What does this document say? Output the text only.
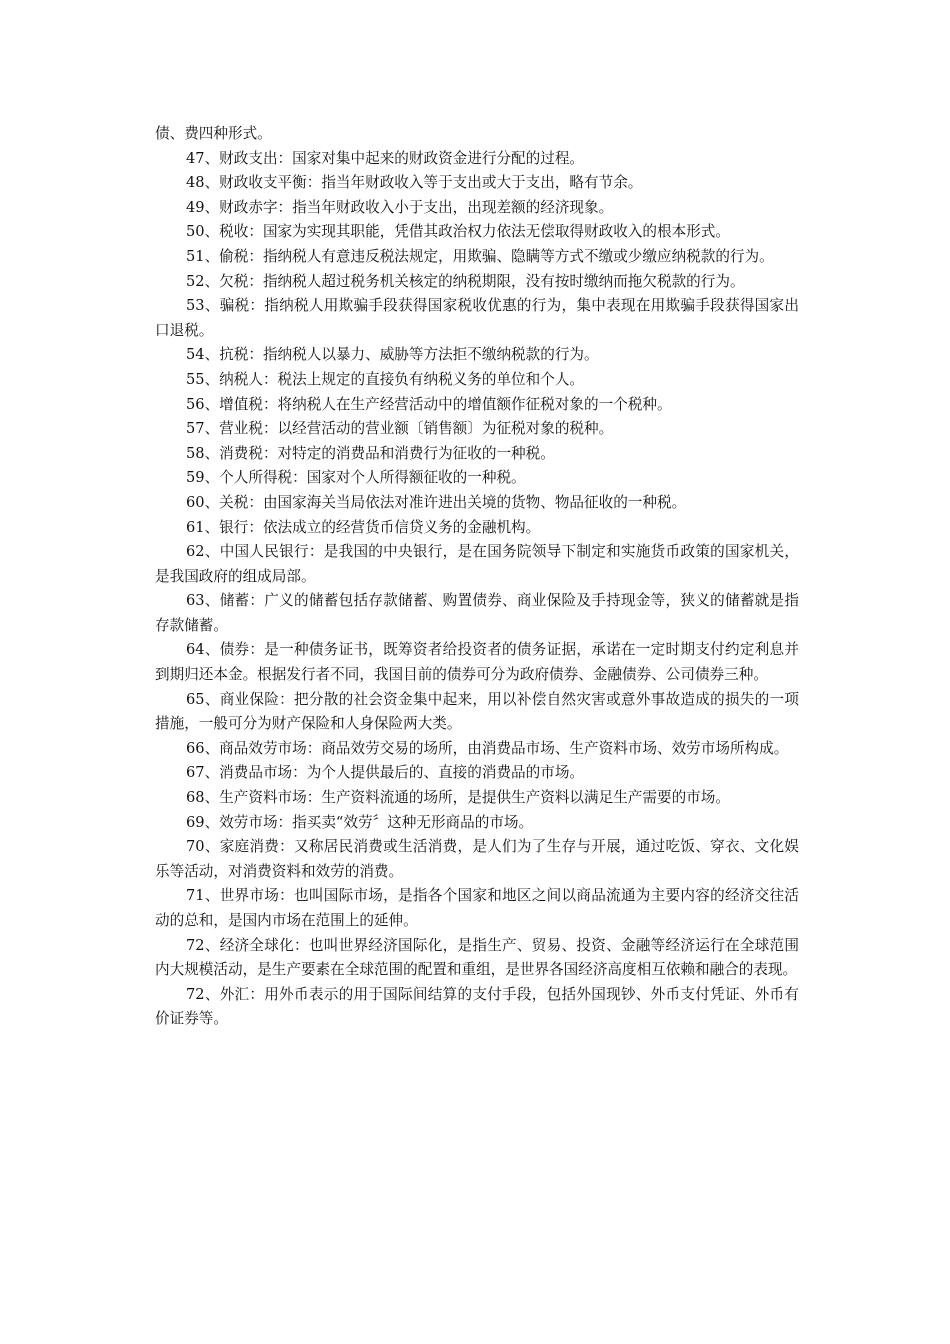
债、费四种形式。

47、财政支出：国家对集中起来的财政资金进行分配的过程。

48、财政收支平衡：指当年财政收入等于支出或大于支出，略有节余。

49、财政赤字：指当年财政收入小于支出，出现差额的经济现象。

50、税收：国家为实现其职能，凭借其政治权力依法无偿取得财政收入的根本形式。

51、偷税：指纳税人有意违反税法规定，用欺骗、隐瞒等方式不缴或少缴应纳税款的行为。

52、欠税：指纳税人超过税务机关核定的纳税期限，没有按时缴纳而拖欠税款的行为。

53、骗税：指纳税人用欺骗手段获得国家税收优惠的行为，集中表现在用欺骗手段获得国家出口退税。

54、抗税：指纳税人以暴力、威胁等方法拒不缴纳税款的行为。

55、纳税人：税法上规定的直接负有纳税义务的单位和个人。

56、增值税：将纳税人在生产经营活动中的增值额作征税对象的一个税种。

57、营业税：以经营活动的营业额〔销售额〕为征税对象的税种。

58、消费税：对特定的消费品和消费行为征收的一种税。

59、个人所得税：国家对个人所得额征收的一种税。

60、关税：由国家海关当局依法对准许进出关境的货物、物品征收的一种税。

61、银行：依法成立的经营货币信贷义务的金融机构。

62、中国人民银行：是我国的中央银行，是在国务院领导下制定和实施货币政策的国家机关，是我国政府的组成局部。

63、储蓄：广义的储蓄包括存款储蓄、购置债券、商业保险及手持现金等，狭义的储蓄就是指存款储蓄。

64、债券：是一种债务证书，既筹资者给投资者的债务证据，承诺在一定时期支付约定利息并到期归还本金。根据发行者不同，我国目前的债券可分为政府债券、金融债券、公司债券三种。

65、商业保险：把分散的社会资金集中起来，用以补偿自然灾害或意外事故造成的损失的一项措施，一般可分为财产保险和人身保险两大类。

66、商品效劳市场：商品效劳交易的场所，由消费品市场、生产资料市场、效劳市场所构成。

67、消费品市场：为个人提供最后的、直接的消费品的市场。

68、生产资料市场：生产资料流通的场所，是提供生产资料以满足生产需要的市场。

69、效劳市场：指买卖“效劳〞这种无形商品的市场。

70、家庭消费：又称居民消费或生活消费，是人们为了生存与开展，通过吃饭、穿衣、文化娱乐等活动，对消费资料和效劳的消费。

71、世界市场：也叫国际市场，是指各个国家和地区之间以商品流通为主要内容的经济交往活动的总和，是国内市场在范围上的延伸。

72、经济全球化：也叫世界经济国际化，是指生产、贸易、投资、金融等经济运行在全球范围内大规模活动，是生产要素在全球范围的配置和重组，是世界各国经济高度相互依赖和融合的表现。

72、外汇：用外币表示的用于国际间结算的支付手段，包括外国现钞、外币支付凭证、外币有价证券等。
